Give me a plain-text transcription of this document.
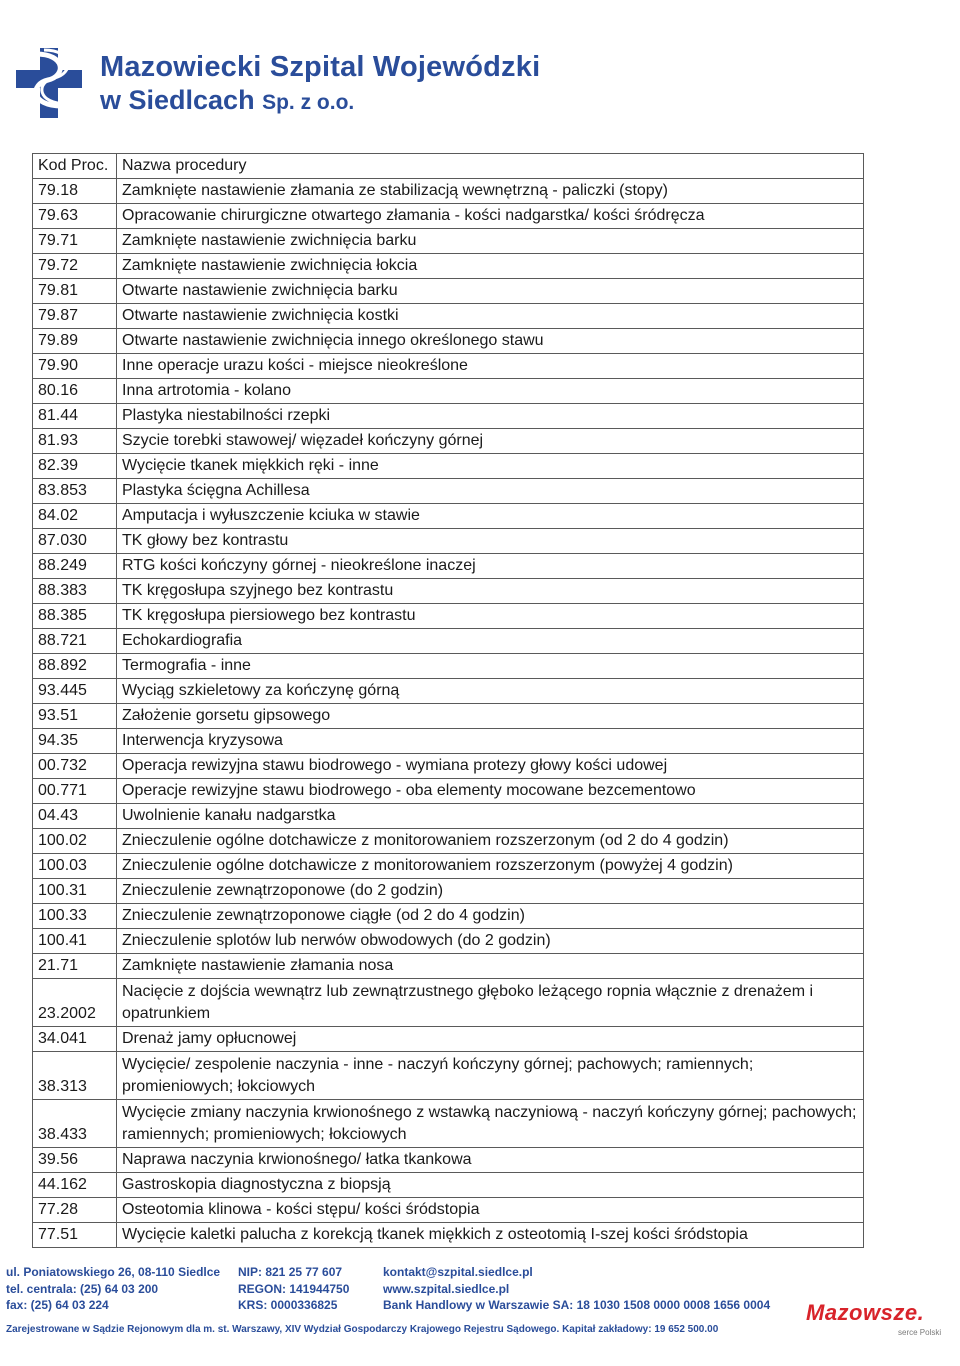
Mazowiecki Szpital Wojewódzki
w Siedlcach Sp. z o.o.
Kod Proc.	Nazwa procedury
79.18	Zamknięte nastawienie złamania ze stabilizacją wewnętrzną - paliczki (stopy)
79.63	Opracowanie chirurgiczne otwartego złamania - kości nadgarstka/ kości śródręcza
79.71	Zamknięte nastawienie zwichnięcia barku
79.72	Zamknięte nastawienie zwichnięcia łokcia
79.81	Otwarte nastawienie zwichnięcia barku
79.87	Otwarte nastawienie zwichnięcia kostki
79.89	Otwarte nastawienie zwichnięcia innego określonego stawu
79.90	Inne operacje urazu kości - miejsce nieokreślone
80.16	Inna artrotomia - kolano
81.44	Plastyka niestabilności rzepki
81.93	Szycie torebki stawowej/ więzadeł kończyny górnej
82.39	Wycięcie tkanek miękkich ręki - inne
83.853	Plastyka ścięgna Achillesa
84.02	Amputacja i wyłuszczenie kciuka w stawie
87.030	TK głowy bez kontrastu
88.249	RTG kości kończyny górnej - nieokreślone inaczej
88.383	TK kręgosłupa szyjnego bez kontrastu
88.385	TK kręgosłupa piersiowego bez kontrastu
88.721	Echokardiografia
88.892	Termografia - inne
93.445	Wyciąg szkieletowy za kończynę górną
93.51	Założenie gorsetu gipsowego
94.35	Interwencja kryzysowa
00.732	Operacja rewizyjna stawu biodrowego - wymiana protezy głowy kości udowej
00.771	Operacje rewizyjne stawu biodrowego - oba elementy mocowane bezcementowo
04.43	Uwolnienie kanału nadgarstka
100.02	Znieczulenie ogólne dotchawicze z monitorowaniem rozszerzonym (od 2 do 4 godzin)
100.03	Znieczulenie ogólne dotchawicze z monitorowaniem rozszerzonym (powyżej 4 godzin)
100.31	Znieczulenie zewnątrzoponowe (do 2 godzin)
100.33	Znieczulenie zewnątrzoponowe ciągłe (od 2 do 4 godzin)
100.41	Znieczulenie splotów lub nerwów obwodowych (do 2 godzin)
21.71	Zamknięte nastawienie złamania nosa
23.2002	Nacięcie z dojścia wewnątrz lub zewnątrzustnego głęboko leżącego ropnia włącznie z drenażem i opatrunkiem
34.041	Drenaż jamy opłucnowej
38.313	Wycięcie/ zespolenie naczynia - inne - naczyń kończyny górnej; pachowych; ramiennych; promieniowych; łokciowych
38.433	Wycięcie zmiany naczynia krwionośnego z wstawką naczyniową - naczyń kończyny górnej; pachowych; ramiennych; promieniowych; łokciowych
39.56	Naprawa naczynia krwionośnego/ łatka tkankowa
44.162	Gastroskopia diagnostyczna z biopsją
77.28	Osteotomia klinowa - kości stępu/ kości śródstopia
77.51	Wycięcie kaletki palucha z korekcją tkanek miękkich z osteotomią I-szej kości śródstopia
ul. Poniatowskiego 26, 08-110 Siedlce
tel. centrala: (25) 64 03 200
fax: (25) 64 03 224
NIP: 821 25 77 607
REGON: 141944750
KRS: 0000336825
kontakt@szpital.siedlce.pl
www.szpital.siedlce.pl
Bank Handlowy w Warszawie SA: 18 1030 1508 0000 0008 1656 0004
Zarejestrowane w Sądzie Rejonowym dla m. st. Warszawy, XIV Wydział Gospodarczy Krajowego Rejestru Sądowego. Kapitał zakładowy: 19 652 500.00
Mazowsze.
serce Polski
